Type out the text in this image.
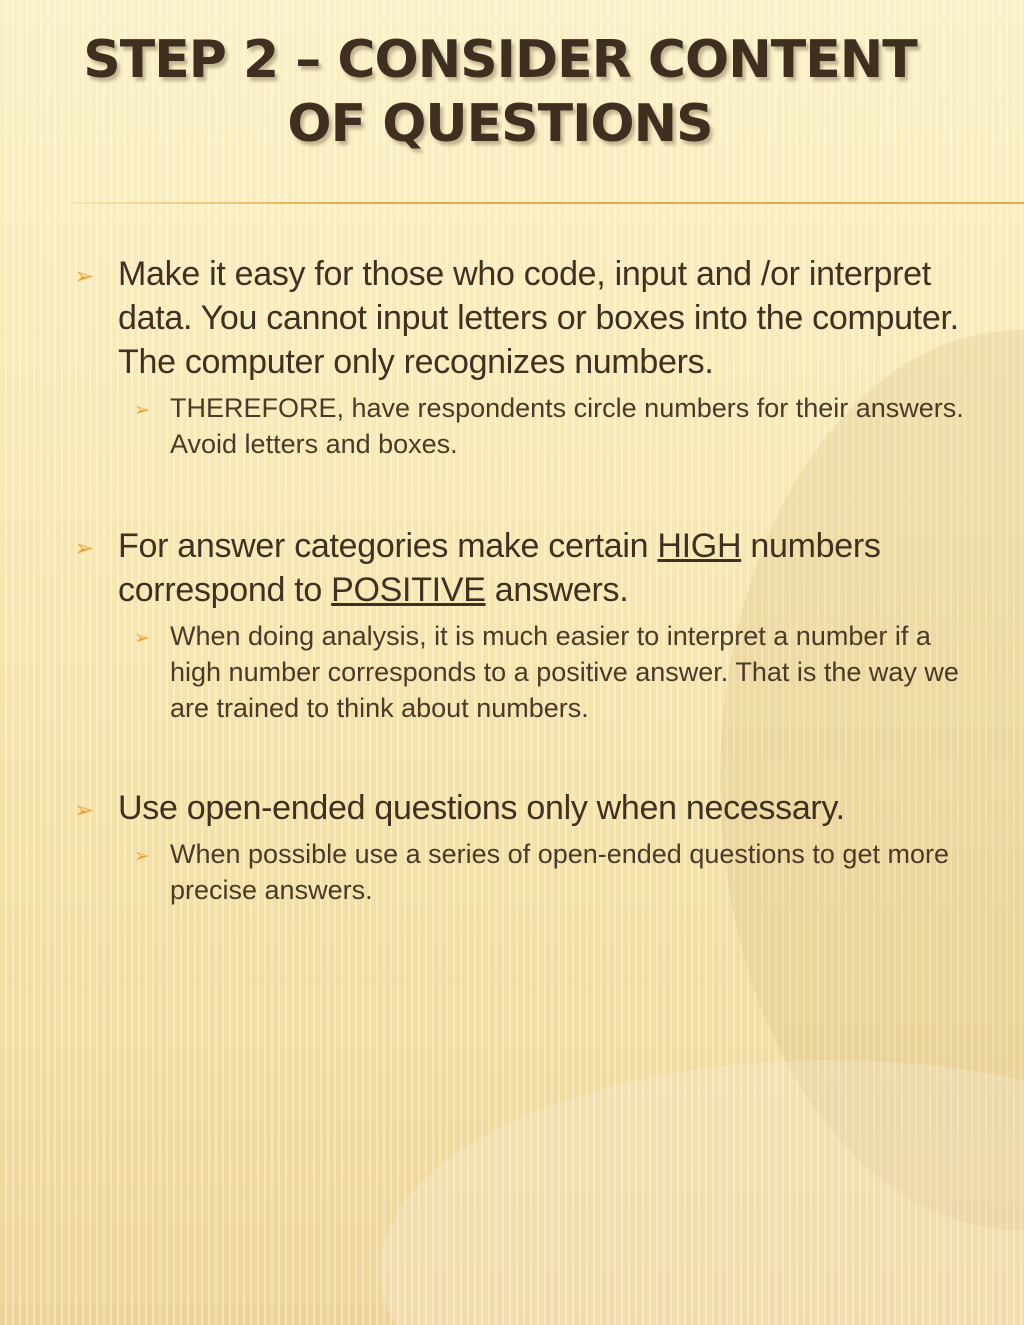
STEP 2 – CONSIDER CONTENT
OF QUESTIONS
➢ Make it easy for those who code, input and /or interpret data. You cannot input letters or boxes into the computer. The computer only recognizes numbers.
➢ THEREFORE, have respondents circle numbers for their answers. Avoid letters and boxes.
➢ For answer categories make certain HIGH numbers correspond to POSITIVE answers.
➢ When doing analysis, it is much easier to interpret a number if a high number corresponds to a positive answer. That is the way we are trained to think about numbers.
➢ Use open-ended questions only when necessary.
➢ When possible use a series of open-ended questions to get more precise answers.
